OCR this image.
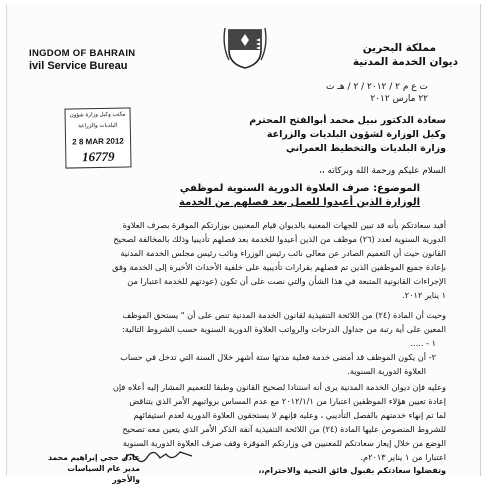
INGDOM OF BAHRAIN
ivil Service Bureau
مملكة البحرين
ديوان الخدمة المدنية
ت ع م ٢ / ٢٠١٢ / ٢ / هـ ت
٢٢ مارس ٢٠١٢
مكتب وكيل وزارة شؤون
البلديات والزراعة
2 8 MAR 2012
16779
سعادة الدكتور نبيل محمد أبوالفتح المحترم
وكيل الوزارة لشؤون البلديات والزراعة
وزارة البلديات والتخطيط العمراني
السلام عليكم ورحمة الله وبركاته ،،
الموضوع: صرف العلاوة الدورية السنوية لموظفي
الوزارة الذين أعيدوا للعمل بعد فصلهم من الخدمة
أفيد سعادتكم بأنه قد تبين للجهات المعنية بالديوان قيام المعنيين بوزارتكم الموقرة بصرف العلاوة
الدورية السنوية لعدد (٢٦) موظف من الذين أعيدوا للخدمة بعد فصلهم تأديبيا وذلك بالمخالفة لصحيح
القانون حيث أن التعميم الصادر عن معالي نائب رئيس الوزراء ونائب رئيس مجلس الخدمة المدنية
بإعادة جميع الموظفين الذين تم فصلهم بقرارات تأديبية على خلفية الأحداث الأخيرة إلى الخدمة وفق
الإجراءات القانونية المتبعة في هذا الشأن والتي نصت على أن تكون (عودتهم للخدمة اعتبارا من
١ يناير ٢٠١٢.
وحيث أن المادة (٢٤) من اللائحة التنفيذية لقانون الخدمة المدنية تنص على أن " يستحق الموظف
المعين على أية رتبة من جداول الدرجات والرواتب العلاوة الدورية السنوية حسب الشروط التالية:
١ - .....
٢- أن يكون الموظف قد أمضى خدمة فعلية مدتها ستة أشهر خلال السنة التي تدخل في حساب
العلاوة الدورية السنوية.
وعليه فإن ديوان الخدمة المدنية يرى أنه استنادا لصحيح القانون وطبقا للتعميم المشار إليه أعلاه فإن
إعادة تعيين هؤلاء الموظفين اعتبارا من ٢٠١٢/١/١ مع عدم المساس برواتبهم الأمر الذي يتناقض
لما تم إنهاء خدمتهم بالفصل التأديبي ، وعليه فإنهم لا يستحقون العلاوة الدورية لعدم استيفائهم
للشروط المنصوص عليها المادة (٢٤) من اللائحة التنفيذية آنفة الذكر الأمر الذي يتعين معه تصحيح
الوضع من خلال إيعاز سعادتكم للمعنيين في وزارتكم الموقرة وقف صرف العلاوة الدورية السنوية
اعتبارا من ١ يناير ٢٠١٣م.
وتفضلوا سعادتكم بقبول فائق التحية والاحترام،،
عادل حجي إبراهيم محمد
مدير عام السياسات والأجور
